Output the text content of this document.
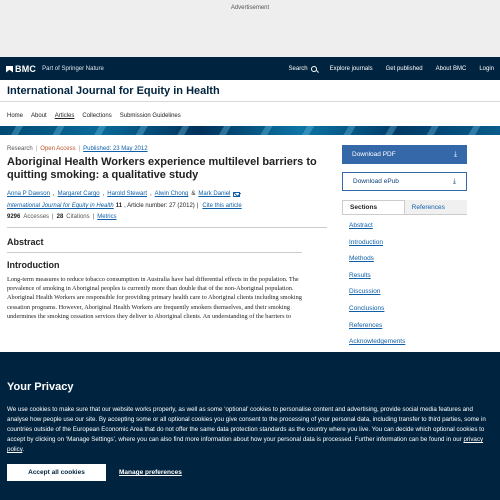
Advertisement
BMC Part of Springer Nature	Search	Explore journals Get published About BMC Login
International Journal for Equity in Health
Home About Articles Collections Submission Guidelines
Research | Open Access | Published: 23 May 2012
Aboriginal Health Workers experience multilevel barriers to quitting smoking: a qualitative study
Anna P Dawson , Margaret Cargo , Harold Stewart , Alwin Chong & Mark Daniel
International Journal for Equity in Health 11 , Article number: 27 (2012) | Cite this article
9296 Accesses | 28 Citations | Metrics
Abstract
Introduction

Long-term measures to reduce tobacco consumption in Australia have had differential effects in the population. The prevalence of smoking in Aboriginal peoples is currently more than double that of the non-Aboriginal population. Aboriginal Health Workers are responsible for providing primary health care to Aboriginal clients including smoking cessation programs. However, Aboriginal Health Workers are frequently smokers themselves, and their smoking undermines the smoking cessation services they deliver to Aboriginal clients. An understanding of the barriers to

Download PDF	⤓
Download ePub	⤓
Sections	References
Abstract
Introduction
Methods
Results
Discussion
Conclusions
References
Acknowledgements
Your Privacy

We use cookies to make sure that our website works properly, as well as some ‘optional’ cookies to personalise content and advertising, provide social media features and analyse how people use our site. By accepting some or all optional cookies you give consent to the processing of your personal data, including transfer to third parties, some in countries outside of the European Economic Area that do not offer the same data protection standards as the country where you live. You can decide which optional cookies to accept by clicking on ‘Manage Settings’, where you can also find more information about how your personal data is processed. Further information can be found in our privacy policy.

Accept all cookies	Manage preferences
